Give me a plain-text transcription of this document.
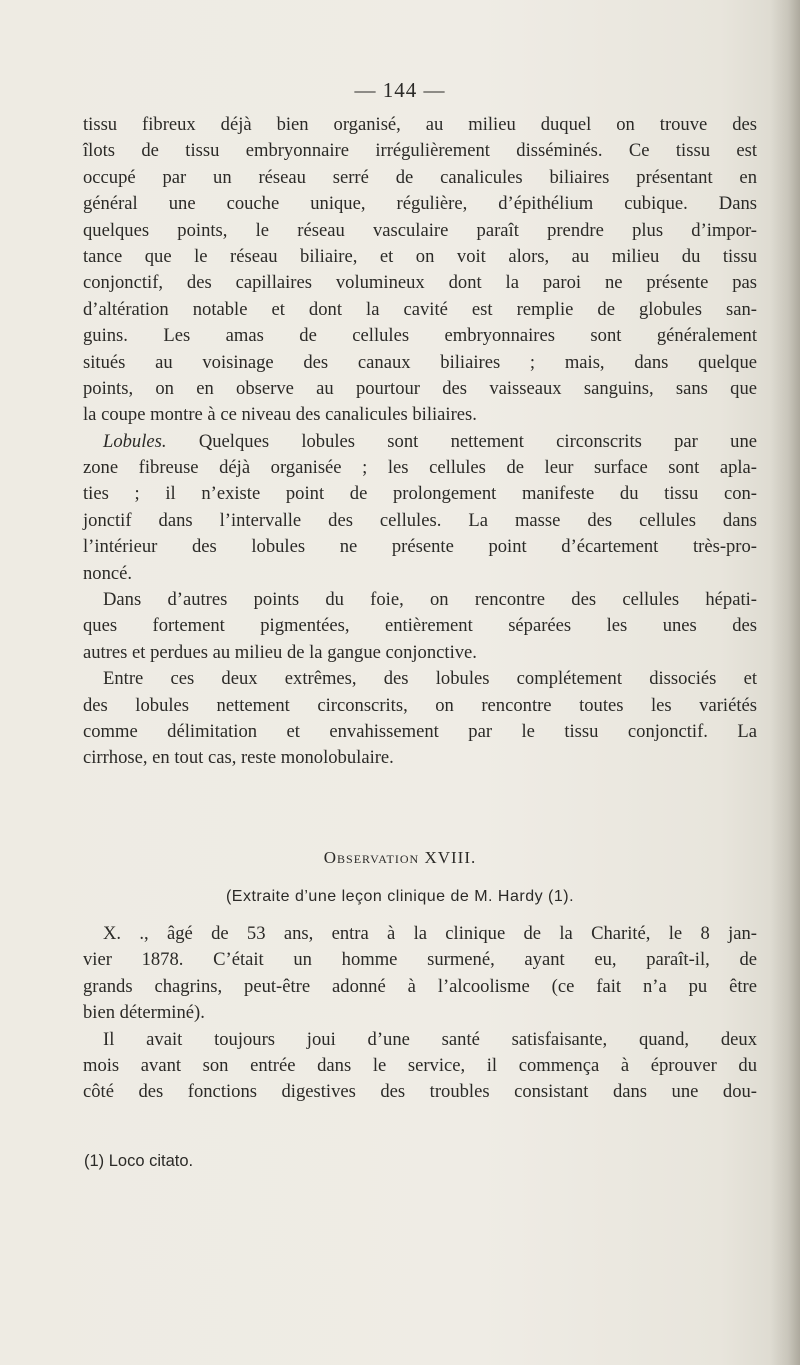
— 144 —
tissu fibreux déjà bien organisé, au milieu duquel on trouve des
îlots de tissu embryonnaire irrégulièrement disséminés. Ce tissu est
occupé par un réseau serré de canalicules biliaires présentant en
général une couche unique, régulière, d’épithélium cubique. Dans
quelques points, le réseau vasculaire paraît prendre plus d’impor-
tance que le réseau biliaire, et on voit alors, au milieu du tissu
conjonctif, des capillaires volumineux dont la paroi ne présente pas
d’altération notable et dont la cavité est remplie de globules san-
guins. Les amas de cellules embryonnaires sont généralement
situés au voisinage des canaux biliaires ; mais, dans quelque
points, on en observe au pourtour des vaisseaux sanguins, sans que
la coupe montre à ce niveau des canalicules biliaires.
Lobules. Quelques lobules sont nettement circonscrits par une
zone fibreuse déjà organisée ; les cellules de leur surface sont apla-
ties ; il n’existe point de prolongement manifeste du tissu con-
jonctif dans l’intervalle des cellules. La masse des cellules dans
l’intérieur des lobules ne présente point d’écartement très-pro-
noncé.
Dans d’autres points du foie, on rencontre des cellules hépati-
ques fortement pigmentées, entièrement séparées les unes des
autres et perdues au milieu de la gangue conjonctive.
Entre ces deux extrêmes, des lobules complétement dissociés et
des lobules nettement circonscrits, on rencontre toutes les variétés
comme délimitation et envahissement par le tissu conjonctif. La
cirrhose, en tout cas, reste monolobulaire.
Observation XVIII.
(Extraite d’une leçon clinique de M. Hardy (1).
X. ., âgé de 53 ans, entra à la clinique de la Charité, le 8 jan-
vier 1878. C’était un homme surmené, ayant eu, paraît-il, de
grands chagrins, peut-être adonné à l’alcoolisme (ce fait n’a pu être
bien déterminé).
Il avait toujours joui d’une santé satisfaisante, quand, deux
mois avant son entrée dans le service, il commença à éprouver du
côté des fonctions digestives des troubles consistant dans une dou-
(1) Loco citato.
